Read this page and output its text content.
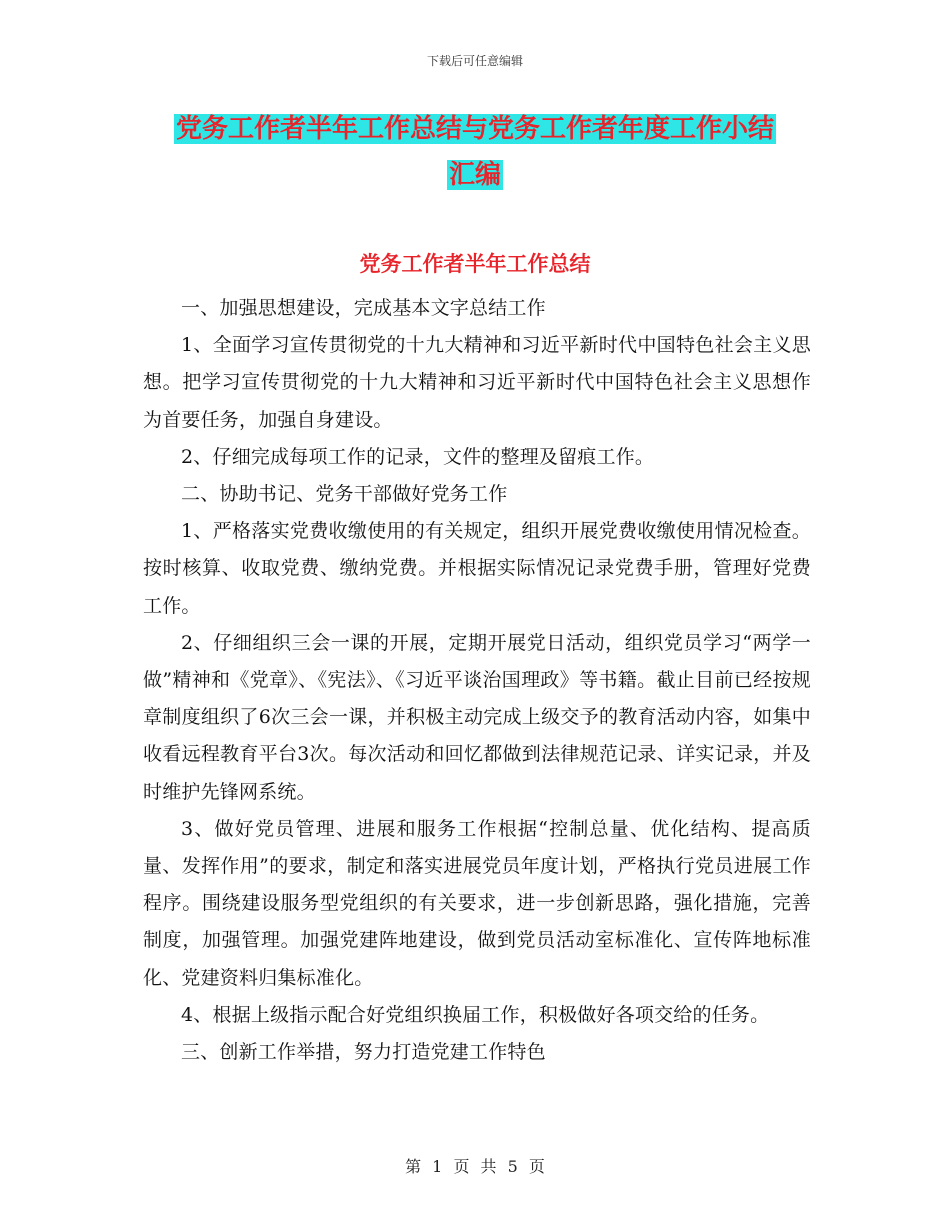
下载后可任意编辑
党务工作者半年工作总结与党务工作者年度工作小结
汇编
党务工作者半年工作总结

一、加强思想建设，完成基本文字总结工作

1、全面学习宣传贯彻党的十九大精神和习近平新时代中国特色社会主义思想。把学习宣传贯彻党的十九大精神和习近平新时代中国特色社会主义思想作为首要任务，加强自身建设。

2、仔细完成每项工作的记录，文件的整理及留痕工作。

二、协助书记、党务干部做好党务工作

1、严格落实党费收缴使用的有关规定，组织开展党费收缴使用情况检查。按时核算、收取党费、缴纳党费。并根据实际情况记录党费手册，管理好党费工作。

2、仔细组织三会一课的开展，定期开展党日活动，组织党员学习“两学一做”精神和《党章》、《宪法》、《习近平谈治国理政》等书籍。截止目前已经按规章制度组织了6次三会一课，并积极主动完成上级交予的教育活动内容，如集中收看远程教育平台3次。每次活动和回忆都做到法律规范记录、详实记录，并及时维护先锋网系统。

3、做好党员管理、进展和服务工作根据“控制总量、优化结构、提高质量、发挥作用”的要求，制定和落实进展党员年度计划，严格执行党员进展工作程序。围绕建设服务型党组织的有关要求，进一步创新思路，强化措施，完善制度，加强管理。加强党建阵地建设，做到党员活动室标准化、宣传阵地标准化、党建资料归集标准化。

4、根据上级指示配合好党组织换届工作，积极做好各项交给的任务。

三、创新工作举措，努力打造党建工作特色

第 1 页 共 5 页
